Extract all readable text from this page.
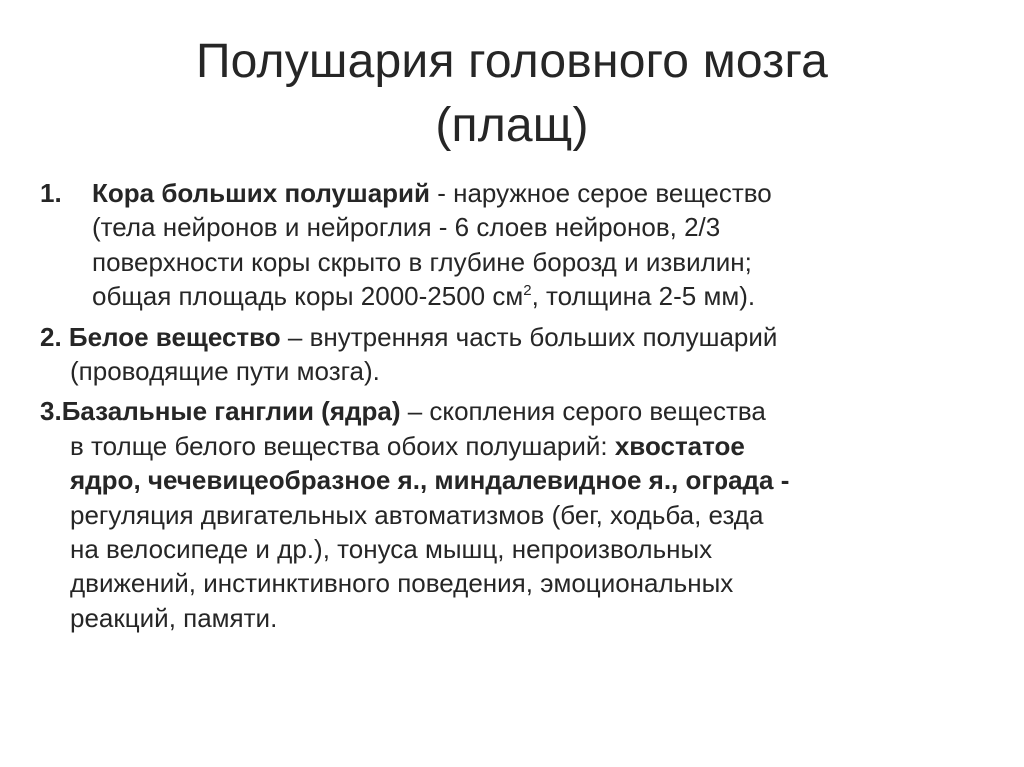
Полушария головного мозга
(плащ)
1.	Кора больших полушарий - наружное серое вещество

(тела нейронов и нейроглия - 6 слоев нейронов, 2/3

поверхности коры скрыто в глубине борозд и извилин;

общая площадь коры 2000-2500 $см^2$, толщина 2-5 мм).

2. Белое вещество – внутренняя часть больших полушарий

(проводящие пути мозга).

3.Базальные ганглии (ядра) – скопления серого вещества

в толще белого вещества обоих полушарий: хвостатое

ядро, чечевицеобразное я., миндалевидное я., ограда -

регуляция двигательных автоматизмов (бег, ходьба, езда

на велосипеде и др.), тонуса мышц, непроизвольных

движений, инстинктивного поведения, эмоциональных

реакций, памяти.
